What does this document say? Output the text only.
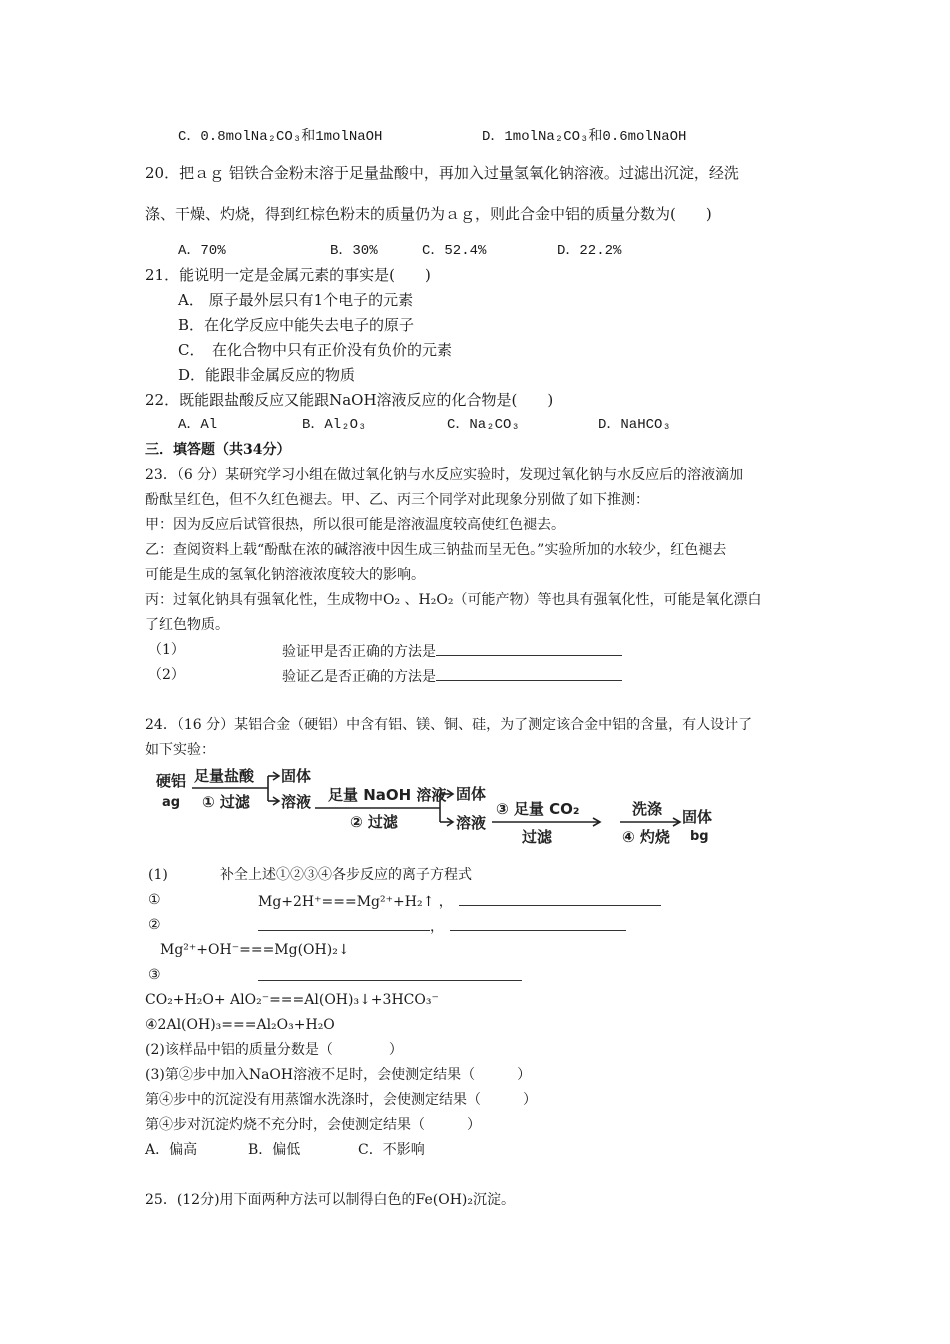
C．0.8molNa₂CO₃和1molNaOH	D．1molNa₂CO₃和0.6molNaOH
20．把ａｇ 铝铁合金粉末溶于足量盐酸中，再加入过量氢氧化钠溶液。过滤出沉淀，经洗
涤、干燥、灼烧，得到红棕色粉末的质量仍为ａｇ，则此合金中铝的质量分数为(　　)
A．70%	B．30%	C．52.4%	D．22.2%
21．能说明一定是金属元素的事实是(　　)
A． 原子最外层只有1个电子的元素
B．在化学反应中能失去电子的原子
C．　在化合物中只有正价没有负价的元素
D．能跟非金属反应的物质
22．既能跟盐酸反应又能跟NaOH溶液反应的化合物是(　　)
A．Al	B．Al₂O₃	C．Na₂CO₃	D．NaHCO₃
三．填答题（共34分）
23．（6 分）某研究学习小组在做过氧化钠与水反应实验时，发现过氧化钠与水反应后的溶液滴加
酚酞呈红色，但不久红色褪去。甲、乙、丙三个同学对此现象分别做了如下推测：
甲：因为反应后试管很热，所以很可能是溶液温度较高使红色褪去。
乙：查阅资料上载“酚酞在浓的碱溶液中因生成三钠盐而呈无色。”实验所加的水较少，红色褪去
可能是生成的氢氧化钠溶液浓度较大的影响。
丙：过氧化钠具有强氧化性，生成物中O₂ 、H₂O₂（可能产物）等也具有强氧化性，可能是氧化漂白
了红色物质。
（1）	验证甲是否正确的方法是
（2）	验证乙是否正确的方法是
24．（16 分）某铝合金（硬铝）中含有铝、镁、铜、硅，为了测定该合金中铝的含量，有人设计了
如下实验：
硬铝
ag
足量盐酸
① 过滤
固体
溶液 足量 NaOH 溶液
② 过滤
固体
溶液
③ 足量 CO₂
过滤
洗涤
④ 灼烧
固体
bg
(1)	补全上述①②③④各步反应的离子方程式
①	Mg+2H⁺===Mg²⁺+H₂↑ ，
②	，
Mg²⁺+OH⁻===Mg(OH)₂↓
③
CO₂+H₂O+ AlO₂⁻===Al(OH)₃↓+3HCO₃⁻
④2Al(OH)₃===Al₂O₃+H₂O
(2)该样品中铝的质量分数是（　　　　）
(3)第②步中加入NaOH溶液不足时，会使测定结果（　　　）
第④步中的沉淀没有用蒸馏水洗涤时，会使测定结果（　　　）
第④步对沉淀灼烧不充分时，会使测定结果（　　　）
A．偏高	B．偏低	C．不影响
25．(12分)用下面两种方法可以制得白色的Fe(OH)₂沉淀。
